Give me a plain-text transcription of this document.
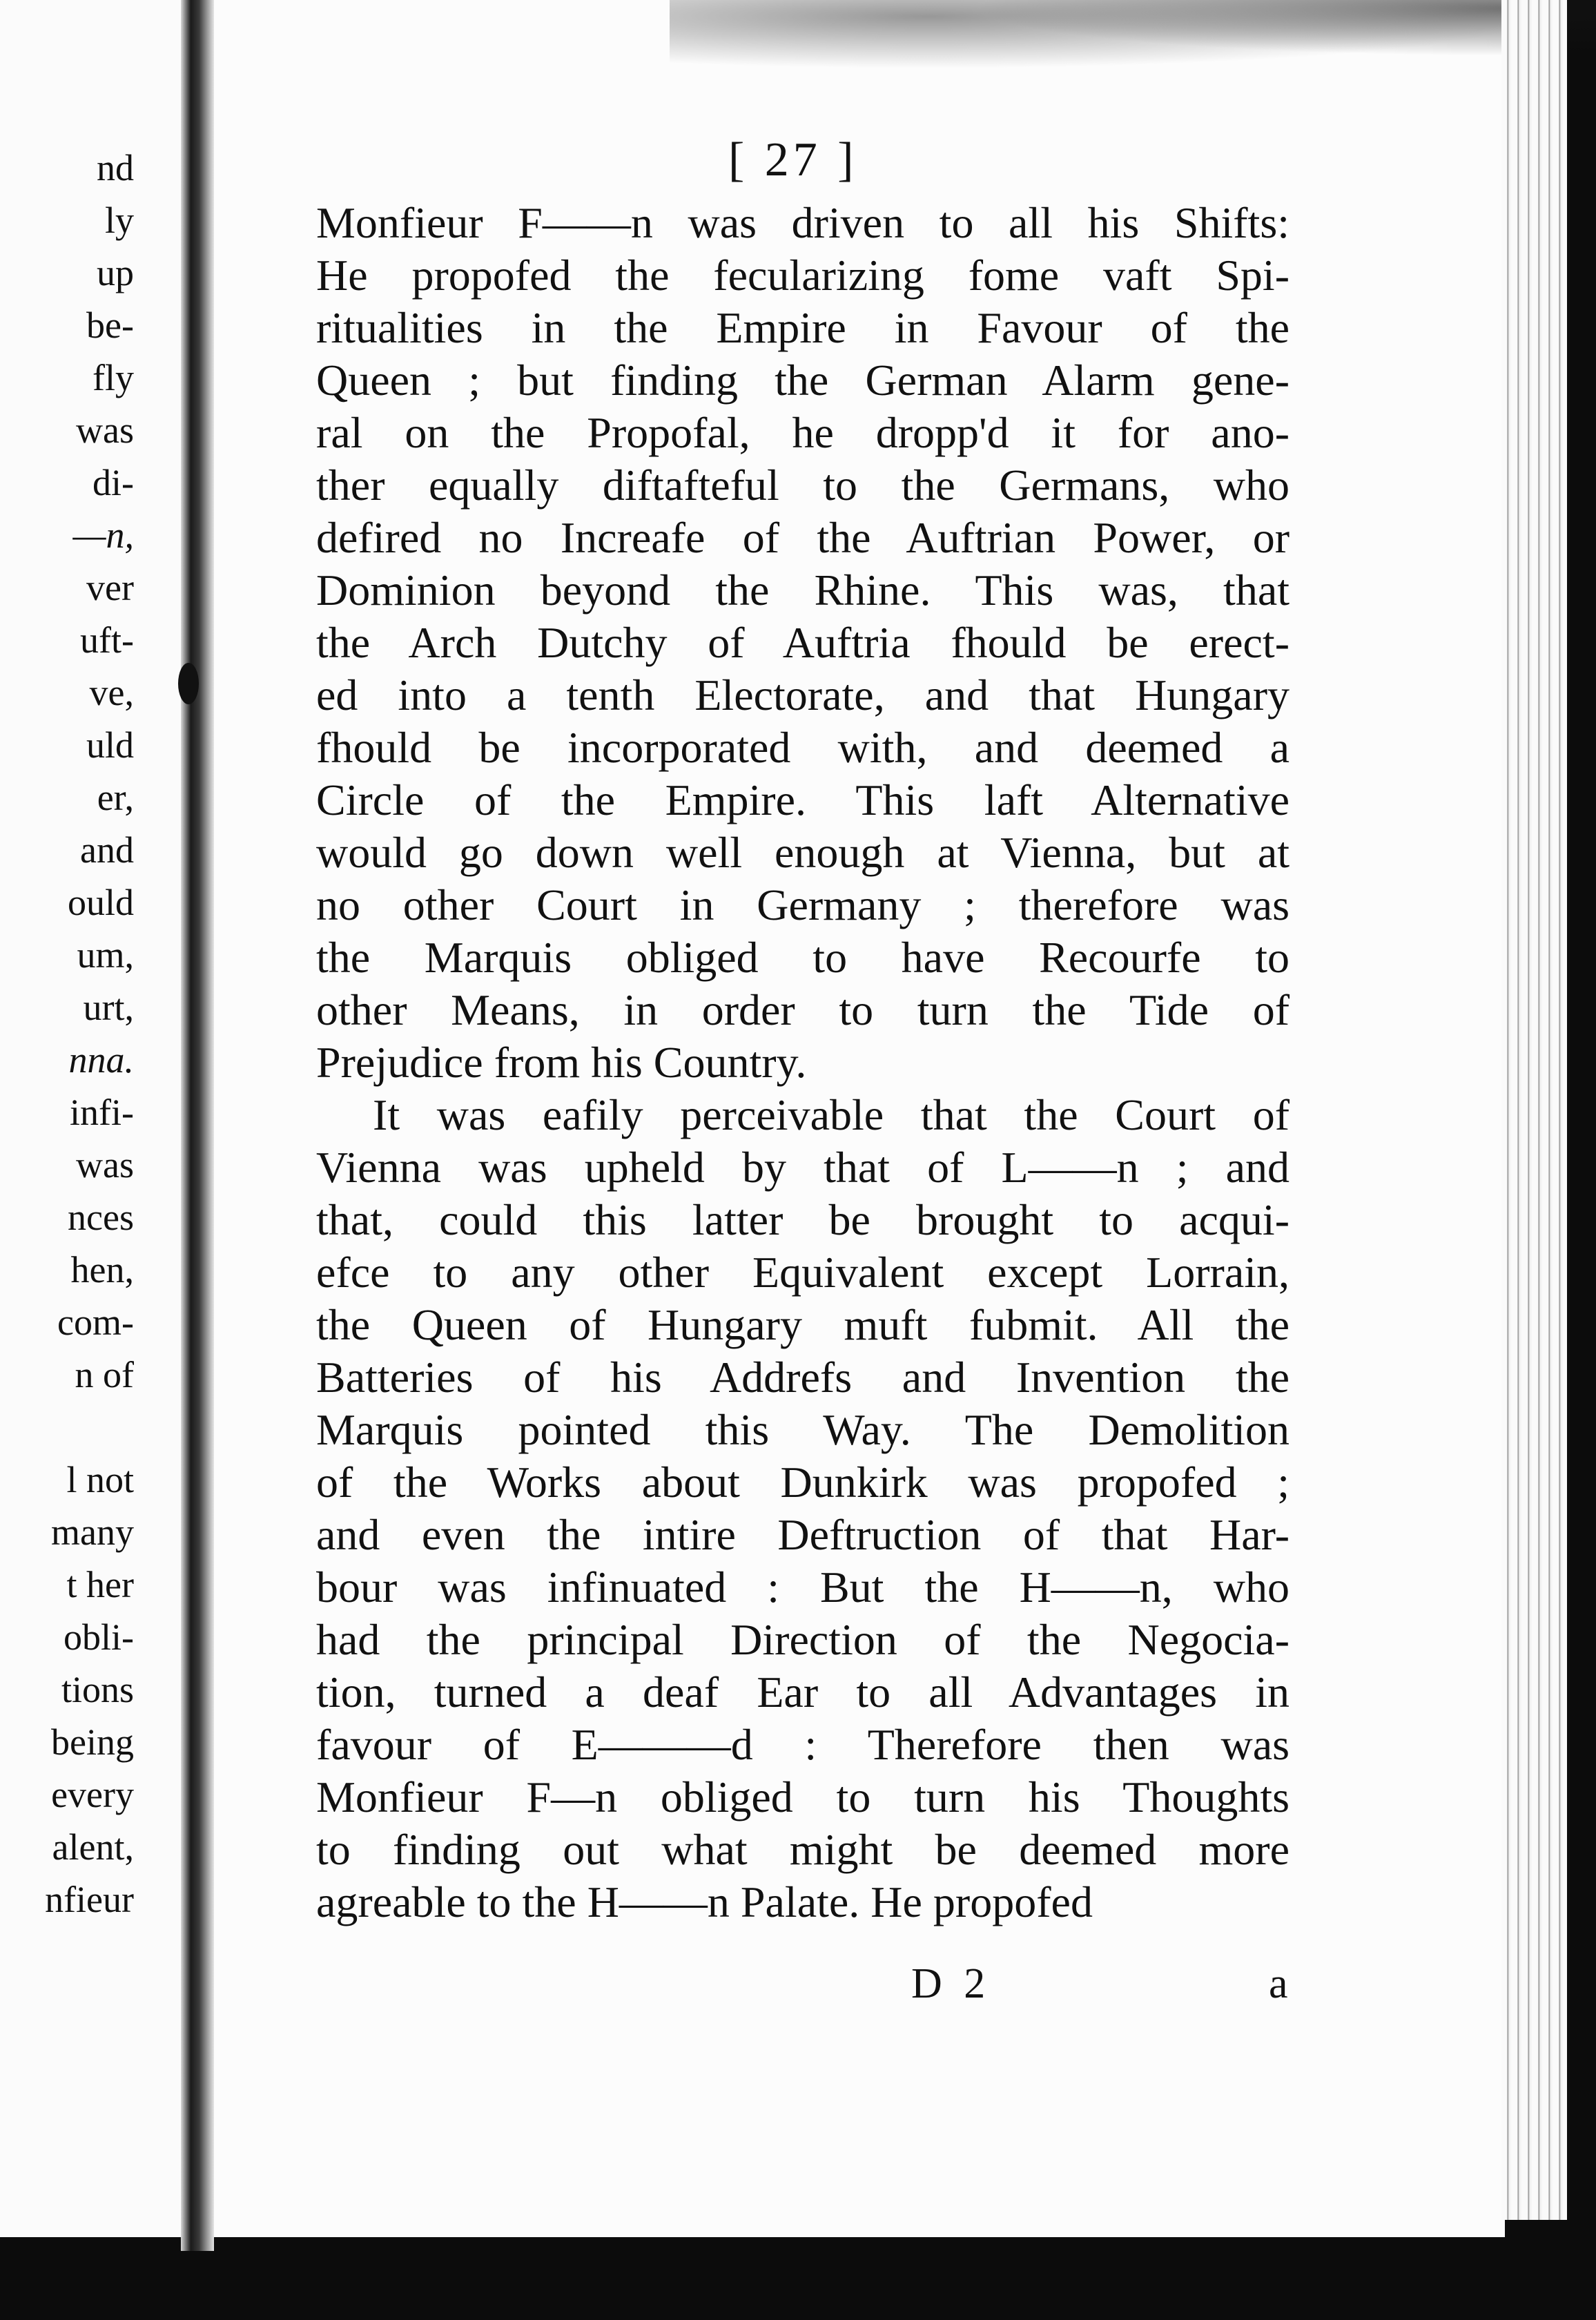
nd
ly
up
be-
fly
was
di-
—n,
ver
uft-
ve,
uld
er,
and
ould
um,
urt,
nna.
infi-
was
nces
hen,
com-
n of
l not
many
t her
obli-
tions
being
every
alent,
nfieur
[ 27 ]
Monfieur F——n was driven to all his Shifts:
He propofed the fecularizing fome vaft Spi-
ritualities in the Empire in Favour of the
Queen ; but finding the German Alarm gene-
ral on the Propofal, he dropp'd it for ano-
ther equally diftafteful to the Germans, who
defired no Increafe of the Auftrian Power, or
Dominion beyond the Rhine. This was, that
the Arch Dutchy of Auftria fhould be erect-
ed into a tenth Electorate, and that Hungary
fhould be incorporated with, and deemed a
Circle of the Empire. This laft Alternative
would go down well enough at Vienna, but at
no other Court in Germany ; therefore was
the Marquis obliged to have Recourfe to
other Means, in order to turn the Tide of
Prejudice from his Country.
It was eafily perceivable that the Court of
Vienna was upheld by that of L——n ; and
that, could this latter be brought to acqui-
efce to any other Equivalent except Lorrain,
the Queen of Hungary muft fubmit. All the
Batteries of his Addrefs and Invention the
Marquis pointed this Way. The Demolition
of the Works about Dunkirk was propofed ;
and even the intire Deftruction of that Har-
bour was infinuated : But the H——n, who
had the principal Direction of the Negocia-
tion, turned a deaf Ear to all Advantages in
favour of E———d : Therefore then was
Monfieur F—n obliged to turn his Thoughts
to finding out what might be deemed more
agreable to the H——n Palate. He propofed
D 2	a
